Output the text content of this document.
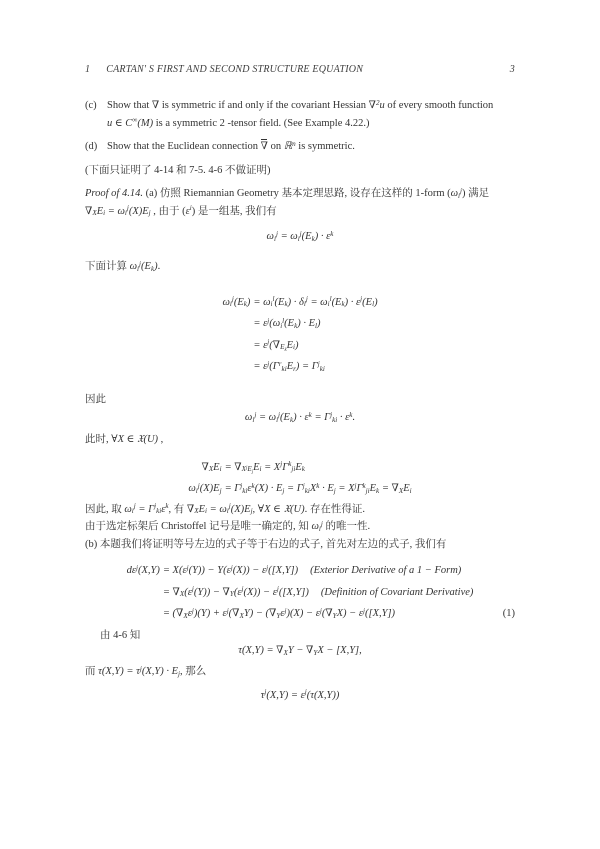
1 CARTAN' S FIRST AND SECOND STRUCTURE EQUATION	3
(c) Show that ∇ is symmetric if and only if the covariant Hessian ∇$^2$u of every smooth function
u ∈ C∞(M) is a symmetric 2 -tensor field. (See Example 4.22.)
(d) Show that the Euclidean connection ∇ on ℝ$^n$ is symmetric.
(下面只证明了 4-14 和 7-5. 4-6 不做证明)
Proof of 4.14. (a) 仿照 Riemannian Geometry 基本定理思路, 设存在这样的 1-form $(\omega_i^j)$ 满足
$\nabla_XE_i = \omega_i^j(X)E_j$ , 由于 $(\varepsilon^i)$ 是一组基, 我们有
$\omega_i^j = \omega_i^j(E_k) \cdot \varepsilon^k$
下面计算 $\omega_i^j(E_k)$.
$\omega_i^j(E_k) = \omega_i^l(E_k) \cdot \delta_l^j = \omega_i^l(E_k) \cdot \varepsilon^j(E_l)$
= $\varepsilon^j(\omega_i^l(E_k) \cdot E_l)$
= $\varepsilon^j(\nabla_{E_k}E_i)$
= $\varepsilon^j(\Gamma^r_{ki}E_r) = \Gamma^j_{ki}$
因此
$\omega_i^j = \omega_i^j(E_k) \cdot \varepsilon^k = \Gamma^j_{ki} \cdot \varepsilon^k$.
此时, ∀X ∈ 𝔛(U) ,
$\nabla_XE_i = \nabla_{X^jE_j}E_i = X^j\Gamma^k_{ji}E_k$
$\omega_i^j(X)E_j = \Gamma^j_{ki}\varepsilon^k(X) \cdot E_j = \Gamma^j_{ki}X^k \cdot E_j = X^j\Gamma^k_{ji}E_k = \nabla_XE_i$
因此, 取 $\omega_i^j = \Gamma^j_{ki}\varepsilon^k$, 有 $\nabla_XE_i = \omega_i^j(X)E_j$, ∀X ∈ 𝔛(U). 存在性得证.
由于选定标架后 Christoffel 记号是唯一确定的, 知 $\omega_i^j$ 的唯一性.
(b) 本题我们将证明等号左边的式子等于右边的式子, 首先对左边的式子, 我们有
$d\varepsilon^j(X,Y) = X(\varepsilon^j(Y)) - Y(\varepsilon^j(X)) - \varepsilon^j([X,Y])$ (Exterior Derivative of a 1 − Form)
= $\nabla_X(\varepsilon^j(Y)) - \nabla_Y(\varepsilon^j(X)) - \varepsilon^j([X,Y])$ (Definition of Covariant Derivative)
= $(\nabla_X\varepsilon^j)(Y) + \varepsilon^j(\nabla_XY) - (\nabla_Y\varepsilon^j)(X) - \varepsilon^j(\nabla_YX) - \varepsilon^j([X,Y])$	(1)
由 4-6 知
$\tau(X,Y) = \nabla_XY - \nabla_YX - [X,Y]$,
而 $\tau(X,Y) = \tau^j(X,Y) \cdot E_j$, 那么
$\tau^j(X,Y) = \varepsilon^j(\tau(X,Y))$
